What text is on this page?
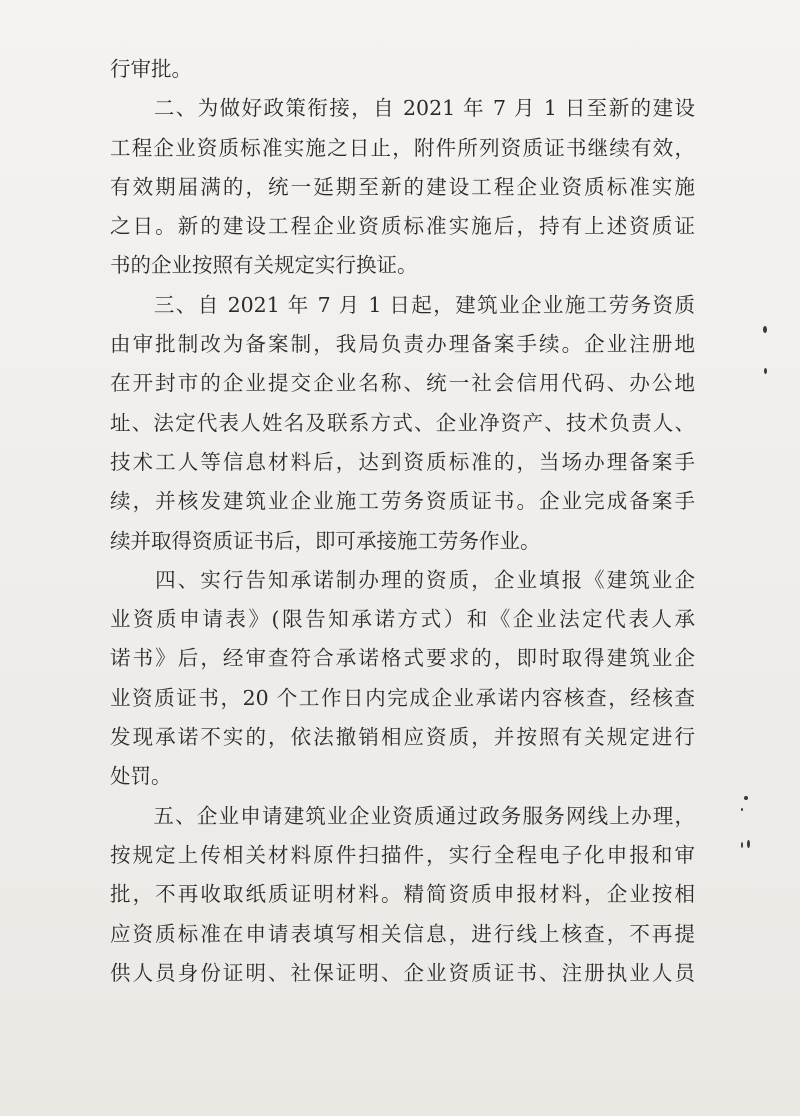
行审批。
　　二、为做好政策衔接，自 2021 年 7 月 1 日至新的建设
工程企业资质标准实施之日止，附件所列资质证书继续有效，
有效期届满的，统一延期至新的建设工程企业资质标准实施
之日。新的建设工程企业资质标准实施后，持有上述资质证
书的企业按照有关规定实行换证。
　　三、自 2021 年 7 月 1 日起，建筑业企业施工劳务资质
由审批制改为备案制，我局负责办理备案手续。企业注册地
在开封市的企业提交企业名称、统一社会信用代码、办公地
址、法定代表人姓名及联系方式、企业净资产、技术负责人、
技术工人等信息材料后，达到资质标准的，当场办理备案手
续，并核发建筑业企业施工劳务资质证书。企业完成备案手
续并取得资质证书后，即可承接施工劳务作业。
　　四、实行告知承诺制办理的资质，企业填报《建筑业企
业资质申请表》(限告知承诺方式）和《企业法定代表人承
诺书》后，经审查符合承诺格式要求的，即时取得建筑业企
业资质证书，20 个工作日内完成企业承诺内容核查，经核查
发现承诺不实的，依法撤销相应资质，并按照有关规定进行
处罚。
　　五、企业申请建筑业企业资质通过政务服务网线上办理，
按规定上传相关材料原件扫描件，实行全程电子化申报和审
批，不再收取纸质证明材料。精简资质申报材料，企业按相
应资质标准在申请表填写相关信息，进行线上核查，不再提
供人员身份证明、社保证明、企业资质证书、注册执业人员
